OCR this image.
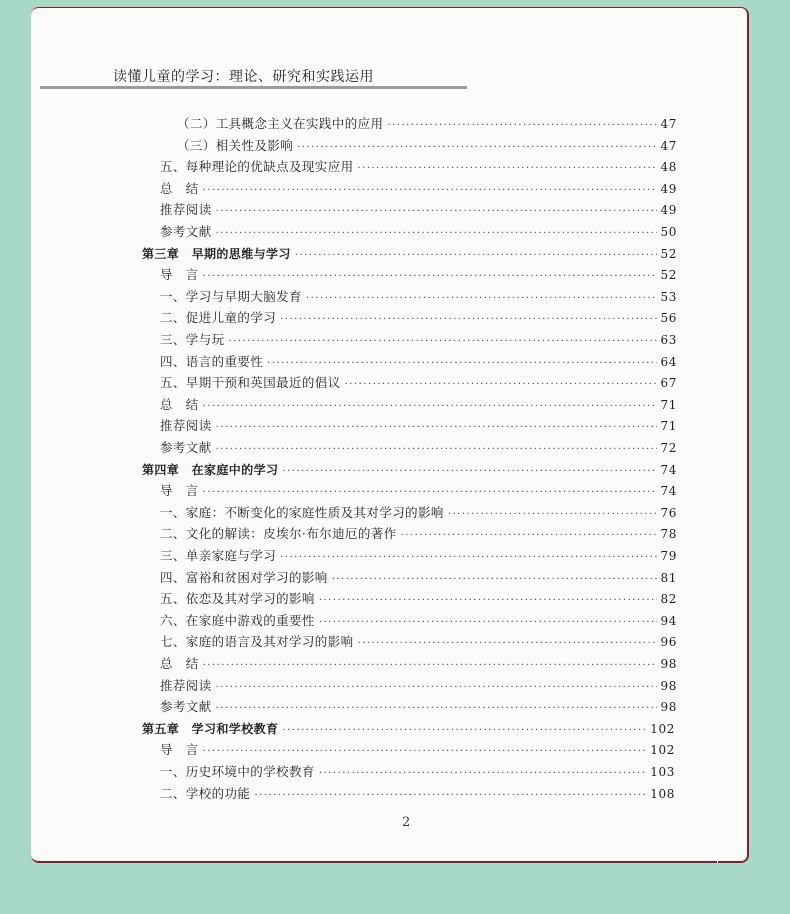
读懂儿童的学习：理论、研究和实践运用
（二）工具概念主义在实践中的应用 ·····	47
（三）相关性及影响 ·····	47
五、每种理论的优缺点及现实应用 ·····	48
总　结 ·····	49
推荐阅读 ·····	49
参考文献 ·····	50
第三章　早期的思维与学习 ·····	52
导　言 ·····	52
一、学习与早期大脑发育 ·····	53
二、促进儿童的学习 ·····	56
三、学与玩 ·····	63
四、语言的重要性 ·····	64
五、早期干预和英国最近的倡议 ·····	67
总　结 ·····	71
推荐阅读 ·····	71
参考文献 ·····	72
第四章　在家庭中的学习 ·····	74
导　言 ·····	74
一、家庭：不断变化的家庭性质及其对学习的影响 ·····	76
二、文化的解读：皮埃尔·布尔迪厄的著作 ·····	78
三、单亲家庭与学习 ·····	79
四、富裕和贫困对学习的影响 ·····	81
五、依恋及其对学习的影响 ·····	82
六、在家庭中游戏的重要性 ·····	94
七、家庭的语言及其对学习的影响 ·····	96
总　结 ·····	98
推荐阅读 ·····	98
参考文献 ·····	98
第五章　学习和学校教育 ·····	102
导　言 ·····	102
一、历史环境中的学校教育 ·····	103
二、学校的功能 ·····	108
2
